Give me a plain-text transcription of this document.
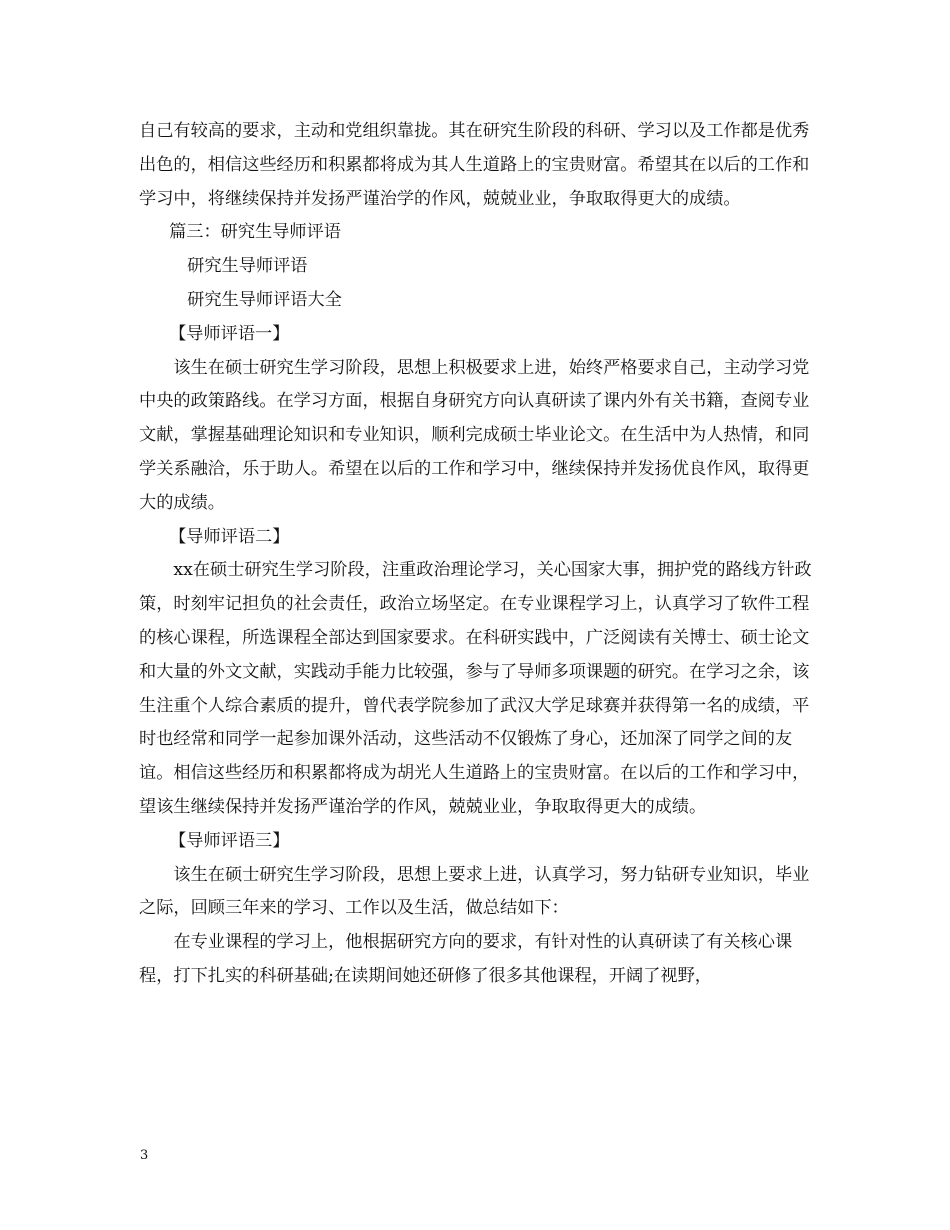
自己有较高的要求，主动和党组织靠拢。其在研究生阶段的科研、学习以及工作都是优秀出色的，相信这些经历和积累都将成为其人生道路上的宝贵财富。希望其在以后的工作和学习中，将继续保持并发扬严谨治学的作风，兢兢业业，争取取得更大的成绩。

篇三：研究生导师评语

研究生导师评语

研究生导师评语大全

【导师评语一】

该生在硕士研究生学习阶段，思想上积极要求上进，始终严格要求自己，主动学习党中央的政策路线。在学习方面，根据自身研究方向认真研读了课内外有关书籍，查阅专业文献，掌握基础理论知识和专业知识，顺利完成硕士毕业论文。在生活中为人热情，和同学关系融洽，乐于助人。希望在以后的工作和学习中，继续保持并发扬优良作风，取得更大的成绩。

【导师评语二】

xx在硕士研究生学习阶段，注重政治理论学习，关心国家大事，拥护党的路线方针政策，时刻牢记担负的社会责任，政治立场坚定。在专业课程学习上，认真学习了软件工程的核心课程，所选课程全部达到国家要求。在科研实践中，广泛阅读有关博士、硕士论文和大量的外文文献，实践动手能力比较强，参与了导师多项课题的研究。在学习之余，该生注重个人综合素质的提升，曾代表学院参加了武汉大学足球赛并获得第一名的成绩，平时也经常和同学一起参加课外活动，这些活动不仅锻炼了身心，还加深了同学之间的友谊。相信这些经历和积累都将成为胡光人生道路上的宝贵财富。在以后的工作和学习中，望该生继续保持并发扬严谨治学的作风，兢兢业业，争取取得更大的成绩。

【导师评语三】

该生在硕士研究生学习阶段，思想上要求上进，认真学习，努力钻研专业知识，毕业之际，回顾三年来的学习、工作以及生活，做总结如下：

在专业课程的学习上，他根据研究方向的要求，有针对性的认真研读了有关核心课程，打下扎实的科研基础;在读期间她还研修了很多其他课程，开阔了视野，

3
